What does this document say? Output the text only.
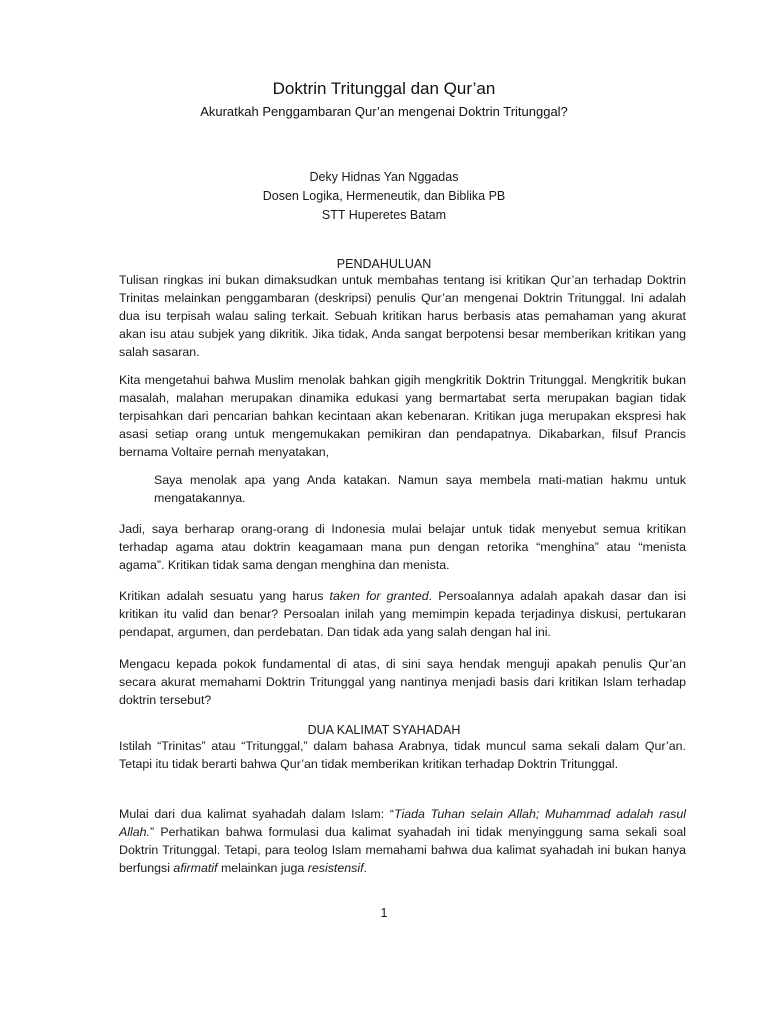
Doktrin Tritunggal dan Qur’an
Akuratkah Penggambaran Qur’an mengenai Doktrin Tritunggal?
Deky Hidnas Yan Nggadas
Dosen Logika, Hermeneutik, dan Biblika PB
STT Huperetes Batam
PENDAHULUAN

Tulisan ringkas ini bukan dimaksudkan untuk membahas tentang isi kritikan Qur’an terhadap Doktrin Trinitas melainkan penggambaran (deskripsi) penulis Qur’an mengenai Doktrin Tritunggal. Ini adalah dua isu terpisah walau saling terkait. Sebuah kritikan harus berbasis atas pemahaman yang akurat akan isu atau subjek yang dikritik. Jika tidak, Anda sangat berpotensi besar memberikan kritikan yang salah sasaran.

Kita mengetahui bahwa Muslim menolak bahkan gigih mengkritik Doktrin Tritunggal. Mengkritik bukan masalah, malahan merupakan dinamika edukasi yang bermartabat serta merupakan bagian tidak terpisahkan dari pencarian bahkan kecintaan akan kebenaran. Kritikan juga merupakan ekspresi hak asasi setiap orang untuk mengemukakan pemikiran dan pendapatnya. Dikabarkan, filsuf Prancis bernama Voltaire pernah menyatakan,

Saya menolak apa yang Anda katakan. Namun saya membela mati-matian hakmu untuk mengatakannya.

Jadi, saya berharap orang-orang di Indonesia mulai belajar untuk tidak menyebut semua kritikan terhadap agama atau doktrin keagamaan mana pun dengan retorika “menghina” atau “menista agama”. Kritikan tidak sama dengan menghina dan menista.

Kritikan adalah sesuatu yang harus taken for granted. Persoalannya adalah apakah dasar dan isi kritikan itu valid dan benar? Persoalan inilah yang memimpin kepada terjadinya diskusi, pertukaran pendapat, argumen, dan perdebatan. Dan tidak ada yang salah dengan hal ini.

Mengacu kepada pokok fundamental di atas, di sini saya hendak menguji apakah penulis Qur’an secara akurat memahami Doktrin Tritunggal yang nantinya menjadi basis dari kritikan Islam terhadap doktrin tersebut?

DUA KALIMAT SYAHADAH

Istilah “Trinitas” atau “Tritunggal,” dalam bahasa Arabnya, tidak muncul sama sekali dalam Qur’an. Tetapi itu tidak berarti bahwa Qur’an tidak memberikan kritikan terhadap Doktrin Tritunggal.

Mulai dari dua kalimat syahadah dalam Islam: “Tiada Tuhan selain Allah; Muhammad adalah rasul Allah.” Perhatikan bahwa formulasi dua kalimat syahadah ini tidak menyinggung sama sekali soal Doktrin Tritunggal. Tetapi, para teolog Islam memahami bahwa dua kalimat syahadah ini bukan hanya berfungsi afirmatif melainkan juga resistensif.

1
